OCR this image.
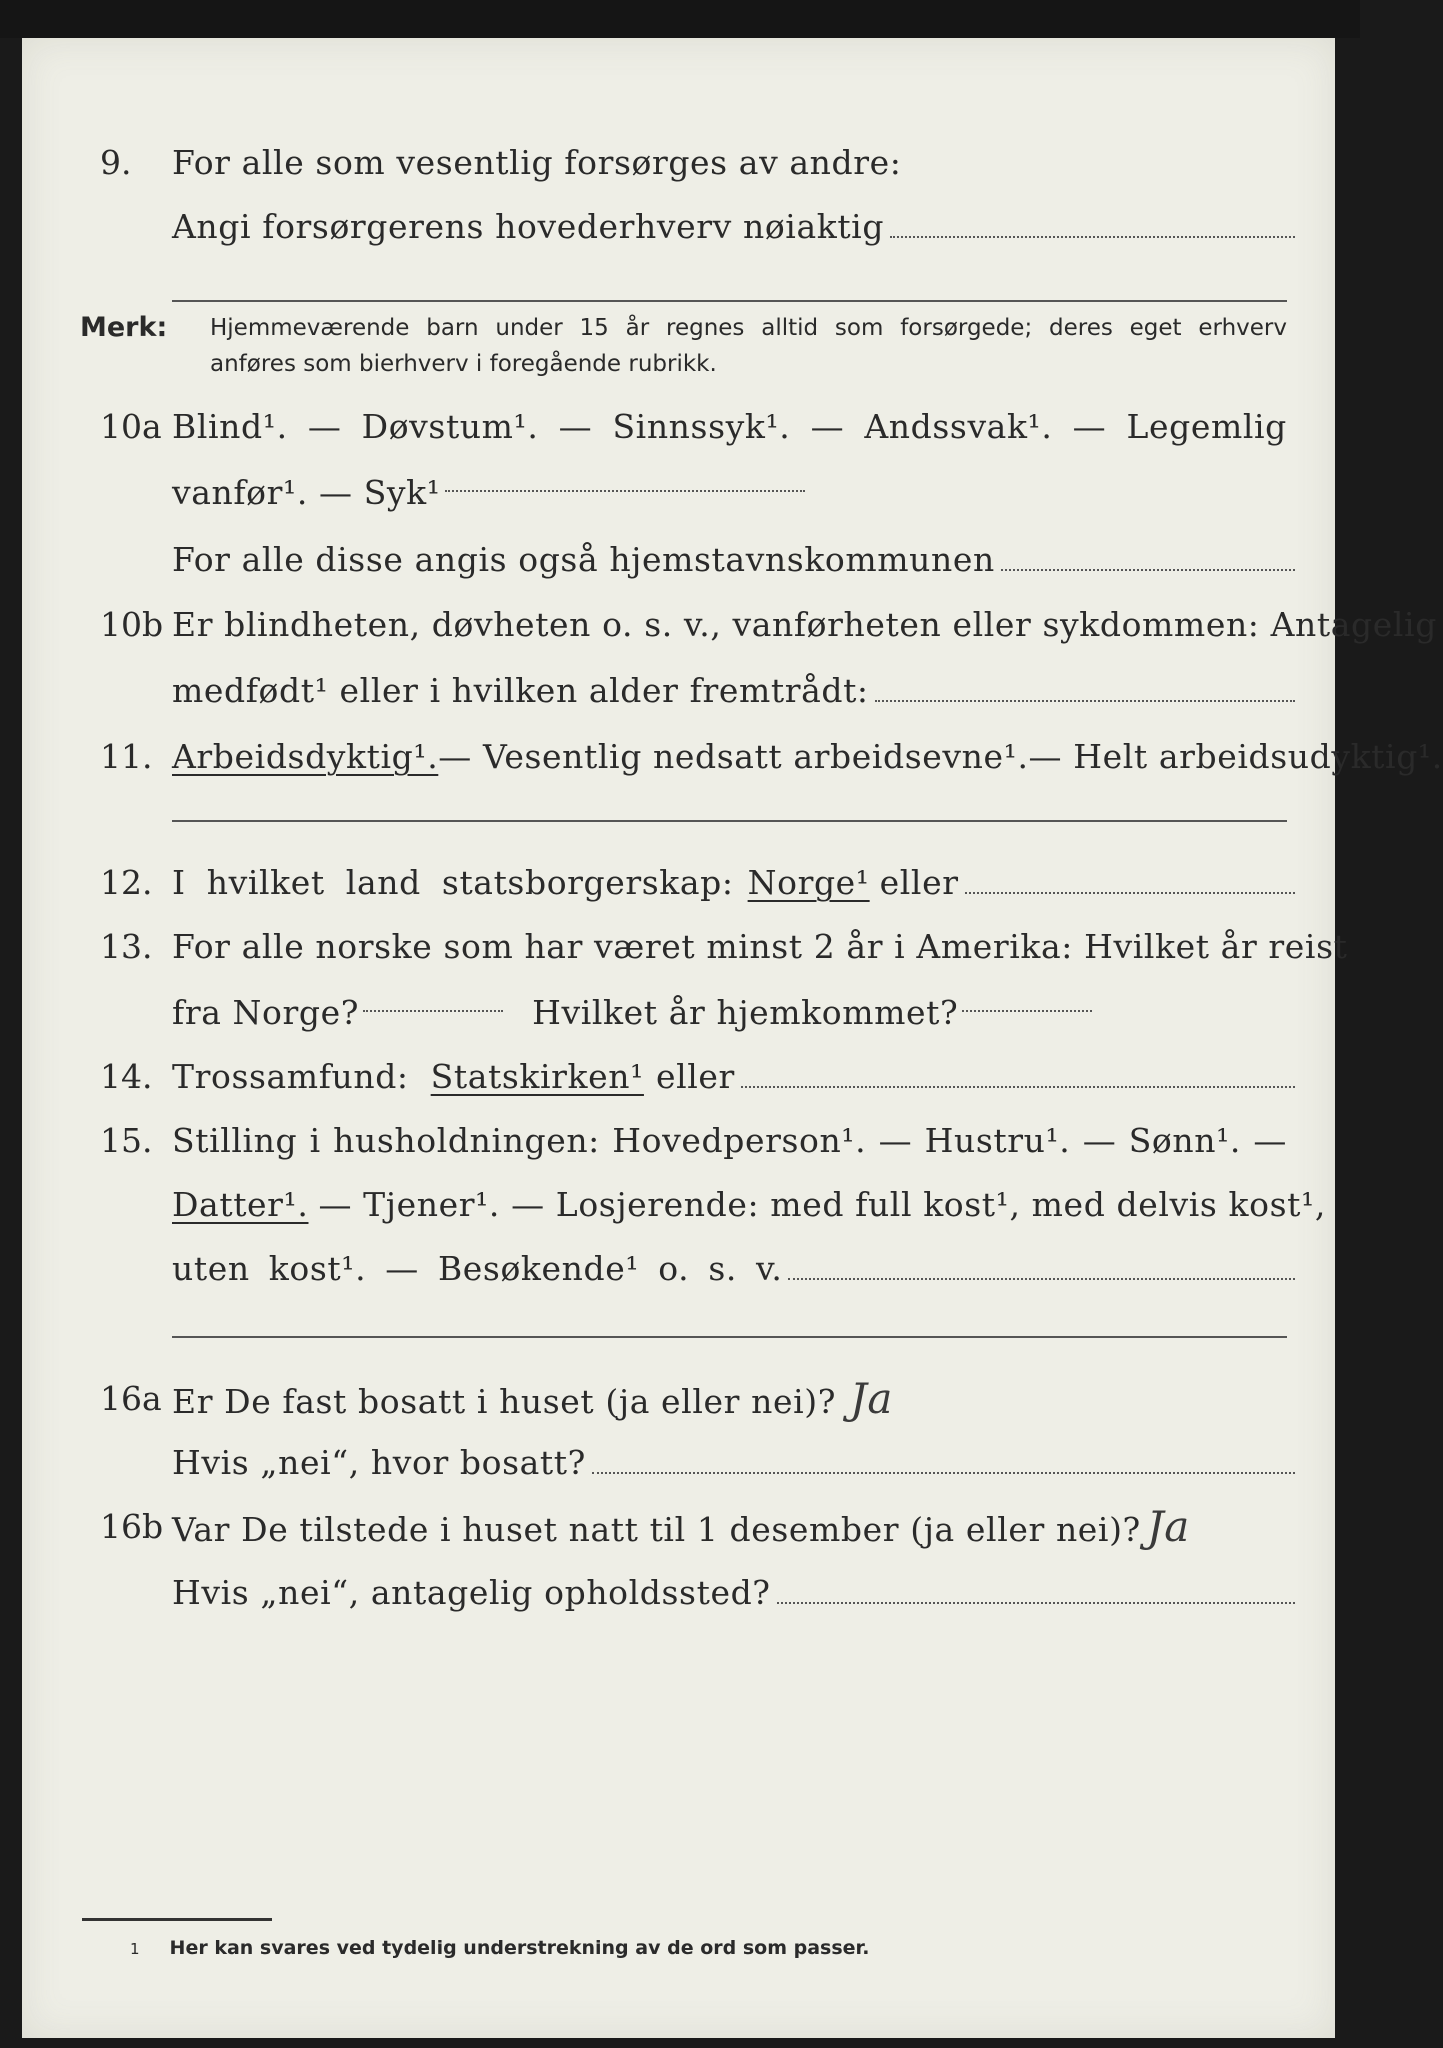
9. For alle som vesentlig forsørges av andre:
Angi forsørgerens hovederhverv nøiaktig
Merk: Hjemmeværende barn under 15 år regnes alltid som forsørgede; deres eget erhverv
anføres som bierhverv i foregående rubrikk.
10a Blind¹. — Døvstum¹. — Sinnssyk¹. — Andssvak¹. — Legemlig
vanfør¹. — Syk¹
For alle disse angis også hjemstavnskommunen
10b Er blindheten, døvheten o. s. v., vanførheten eller sykdommen: Antagelig
medfødt¹ eller i hvilken alder fremtrådt:
11. Arbeidsdyktig¹. — Vesentlig nedsatt arbeidsevne¹. — Helt arbeidsudyktig¹.
12. I hvilket land statsborgerskap: Norge¹ eller
13. For alle norske som har været minst 2 år i Amerika: Hvilket år reist
fra Norge?	Hvilket år hjemkommet?
14. Trossamfund: Statskirken¹ eller
15. Stilling i husholdningen: Hovedperson¹. — Hustru¹. — Sønn¹. —
Datter¹. — Tjener¹. — Losjerende: med full kost¹, med delvis kost¹,
uten kost¹. — Besøkende¹ o. s. v.
16a Er De fast bosatt i huset (ja eller nei)? Ja
Hvis „nei“, hvor bosatt?
16b Var De tilstede i huset natt til 1 desember (ja eller nei)? Ja
Hvis „nei“, antagelig opholdssted?
1 Her kan svares ved tydelig understrekning av de ord som passer.
